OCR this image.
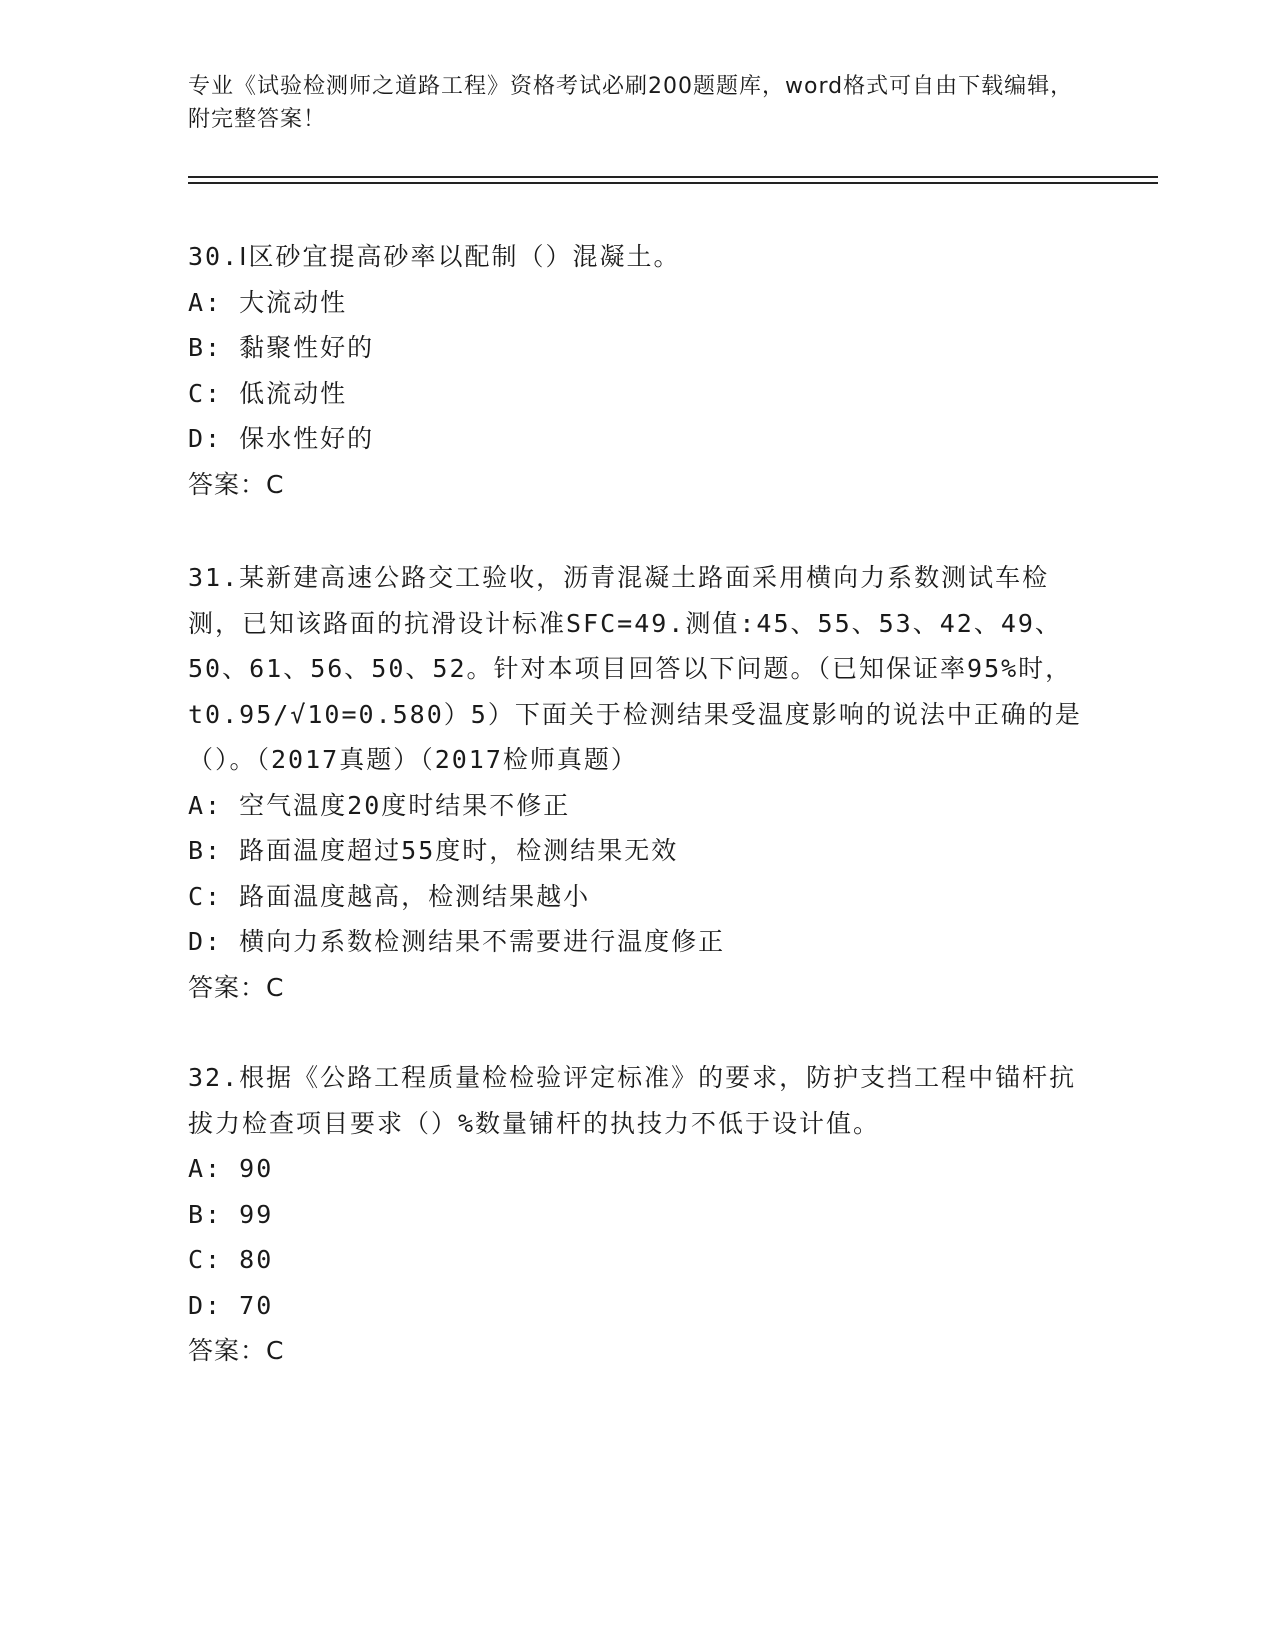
专业《试验检测师之道路工程》资格考试必刷200题题库，word格式可自由下载编辑，附完整答案！

30.Ⅰ区砂宜提高砂率以配制（）混凝土。

A: 大流动性

B: 黏聚性好的

C: 低流动性

D: 保水性好的

答案：C

31.某新建高速公路交工验收，沥青混凝土路面采用横向力系数测试车检测，已知该路面的抗滑设计标准SFC=49.测值:45、55、53、42、49、50、61、56、50、52。针对本项目回答以下问题。（已知保证率95%时，t0.95/√10=0.580）5）下面关于检测结果受温度影响的说法中正确的是（）。（2017真题）（2017检师真题）

A: 空气温度20度时结果不修正

B: 路面温度超过55度时，检测结果无效

C: 路面温度越高，检测结果越小

D: 横向力系数检测结果不需要进行温度修正

答案：C

32.根据《公路工程质量检检验评定标准》的要求，防护支挡工程中锚杆抗拔力检查项目要求（）%数量铺杆的执技力不低于设计值。

A: 90

B: 99

C: 80

D: 70

答案：C
